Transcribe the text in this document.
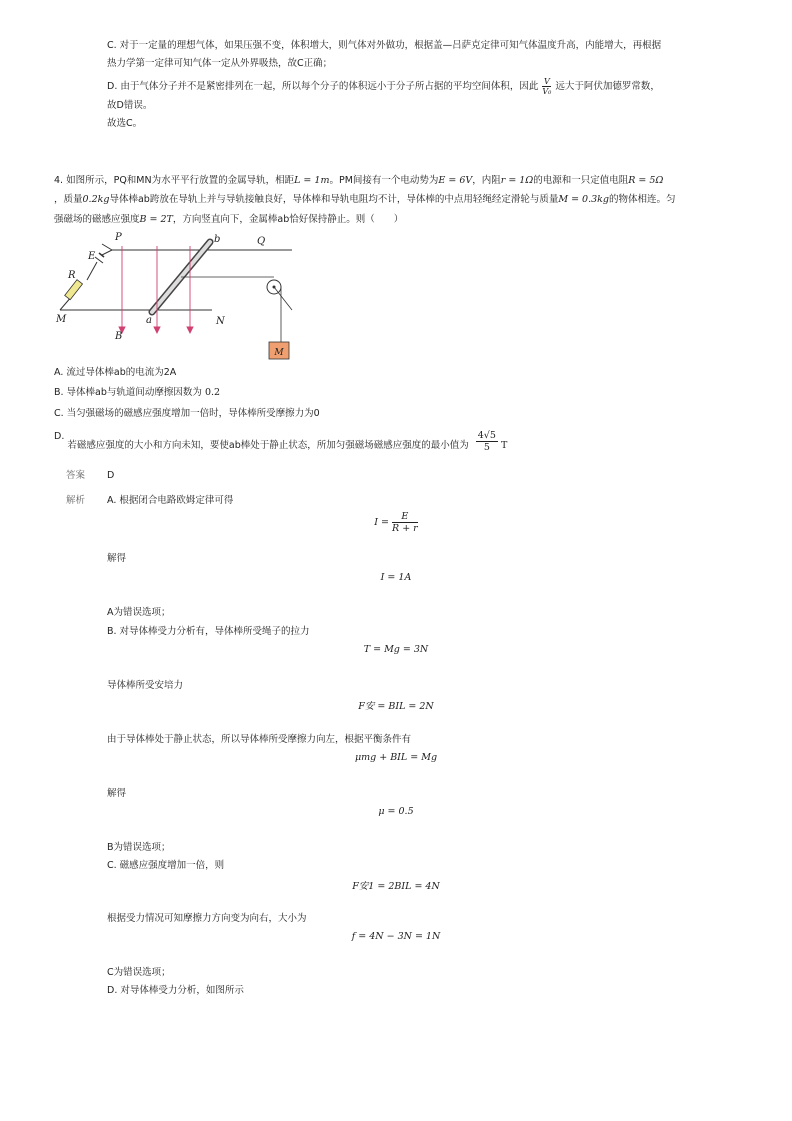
C. 对于一定量的理想气体，如果压强不变，体积增大，则气体对外做功，根据盖—吕萨克定律可知气体温度升高，内能增大，再根据
热力学第一定律可知气体一定从外界吸热，故C正确；
D. 由于气体分子并不是紧密排列在一起，所以每个分子的体积远小于分子所占据的平均空间体积，因此 $\frac{V}{\text{V₀}}$ 远大于阿伏加德罗常数，
故D错误。
故选C。
4. 如图所示，PQ和MN为水平平行放置的金属导轨，相距L = 1m。PM间接有一个电动势为E = 6V，内阻r = 1Ω的电源和一只定值电阻R = 5Ω
，质量0.2kg导体棒ab跨放在导轨上并与导轨接触良好，导体棒和导轨电阻均不计，导体棒的中点用轻绳经定滑轮与质量M = 0.3kg的物体相连。匀
强磁场的磁感应强度B = 2T，方向竖直向下，金属棒ab恰好保持静止。则（　　）
M
P	Q
b
E
R
M	a	N
B
A. 流过导体棒ab的电流为2A
B. 导体棒ab与轨道间动摩擦因数为 0.2
C. 当匀强磁场的磁感应强度增加一倍时，导体棒所受摩擦力为0
D. 若磁感应强度的大小和方向未知，要使ab棒处于静止状态，所加匀强磁场磁感应强度的最小值为 $\frac{4√5}{5}$ T
答案 D
解析 A. 根据闭合电路欧姆定律可得
$I = \frac{E}{R + r}$
解得
I = 1A
A为错误选项；
B. 对导体棒受力分析有，导体棒所受绳子的拉力
T = Mg = 3N
导体棒所受安培力
F安 = BIL = 2N
由于导体棒处于静止状态，所以导体棒所受摩擦力向左，根据平衡条件有
μmg + BIL = Mg
解得
μ = 0.5
B为错误选项；
C. 磁感应强度增加一倍，则
F安1 = 2BIL = 4N
根据受力情况可知摩擦力方向变为向右，大小为
f = 4N − 3N = 1N
C为错误选项；
D. 对导体棒受力分析，如图所示
